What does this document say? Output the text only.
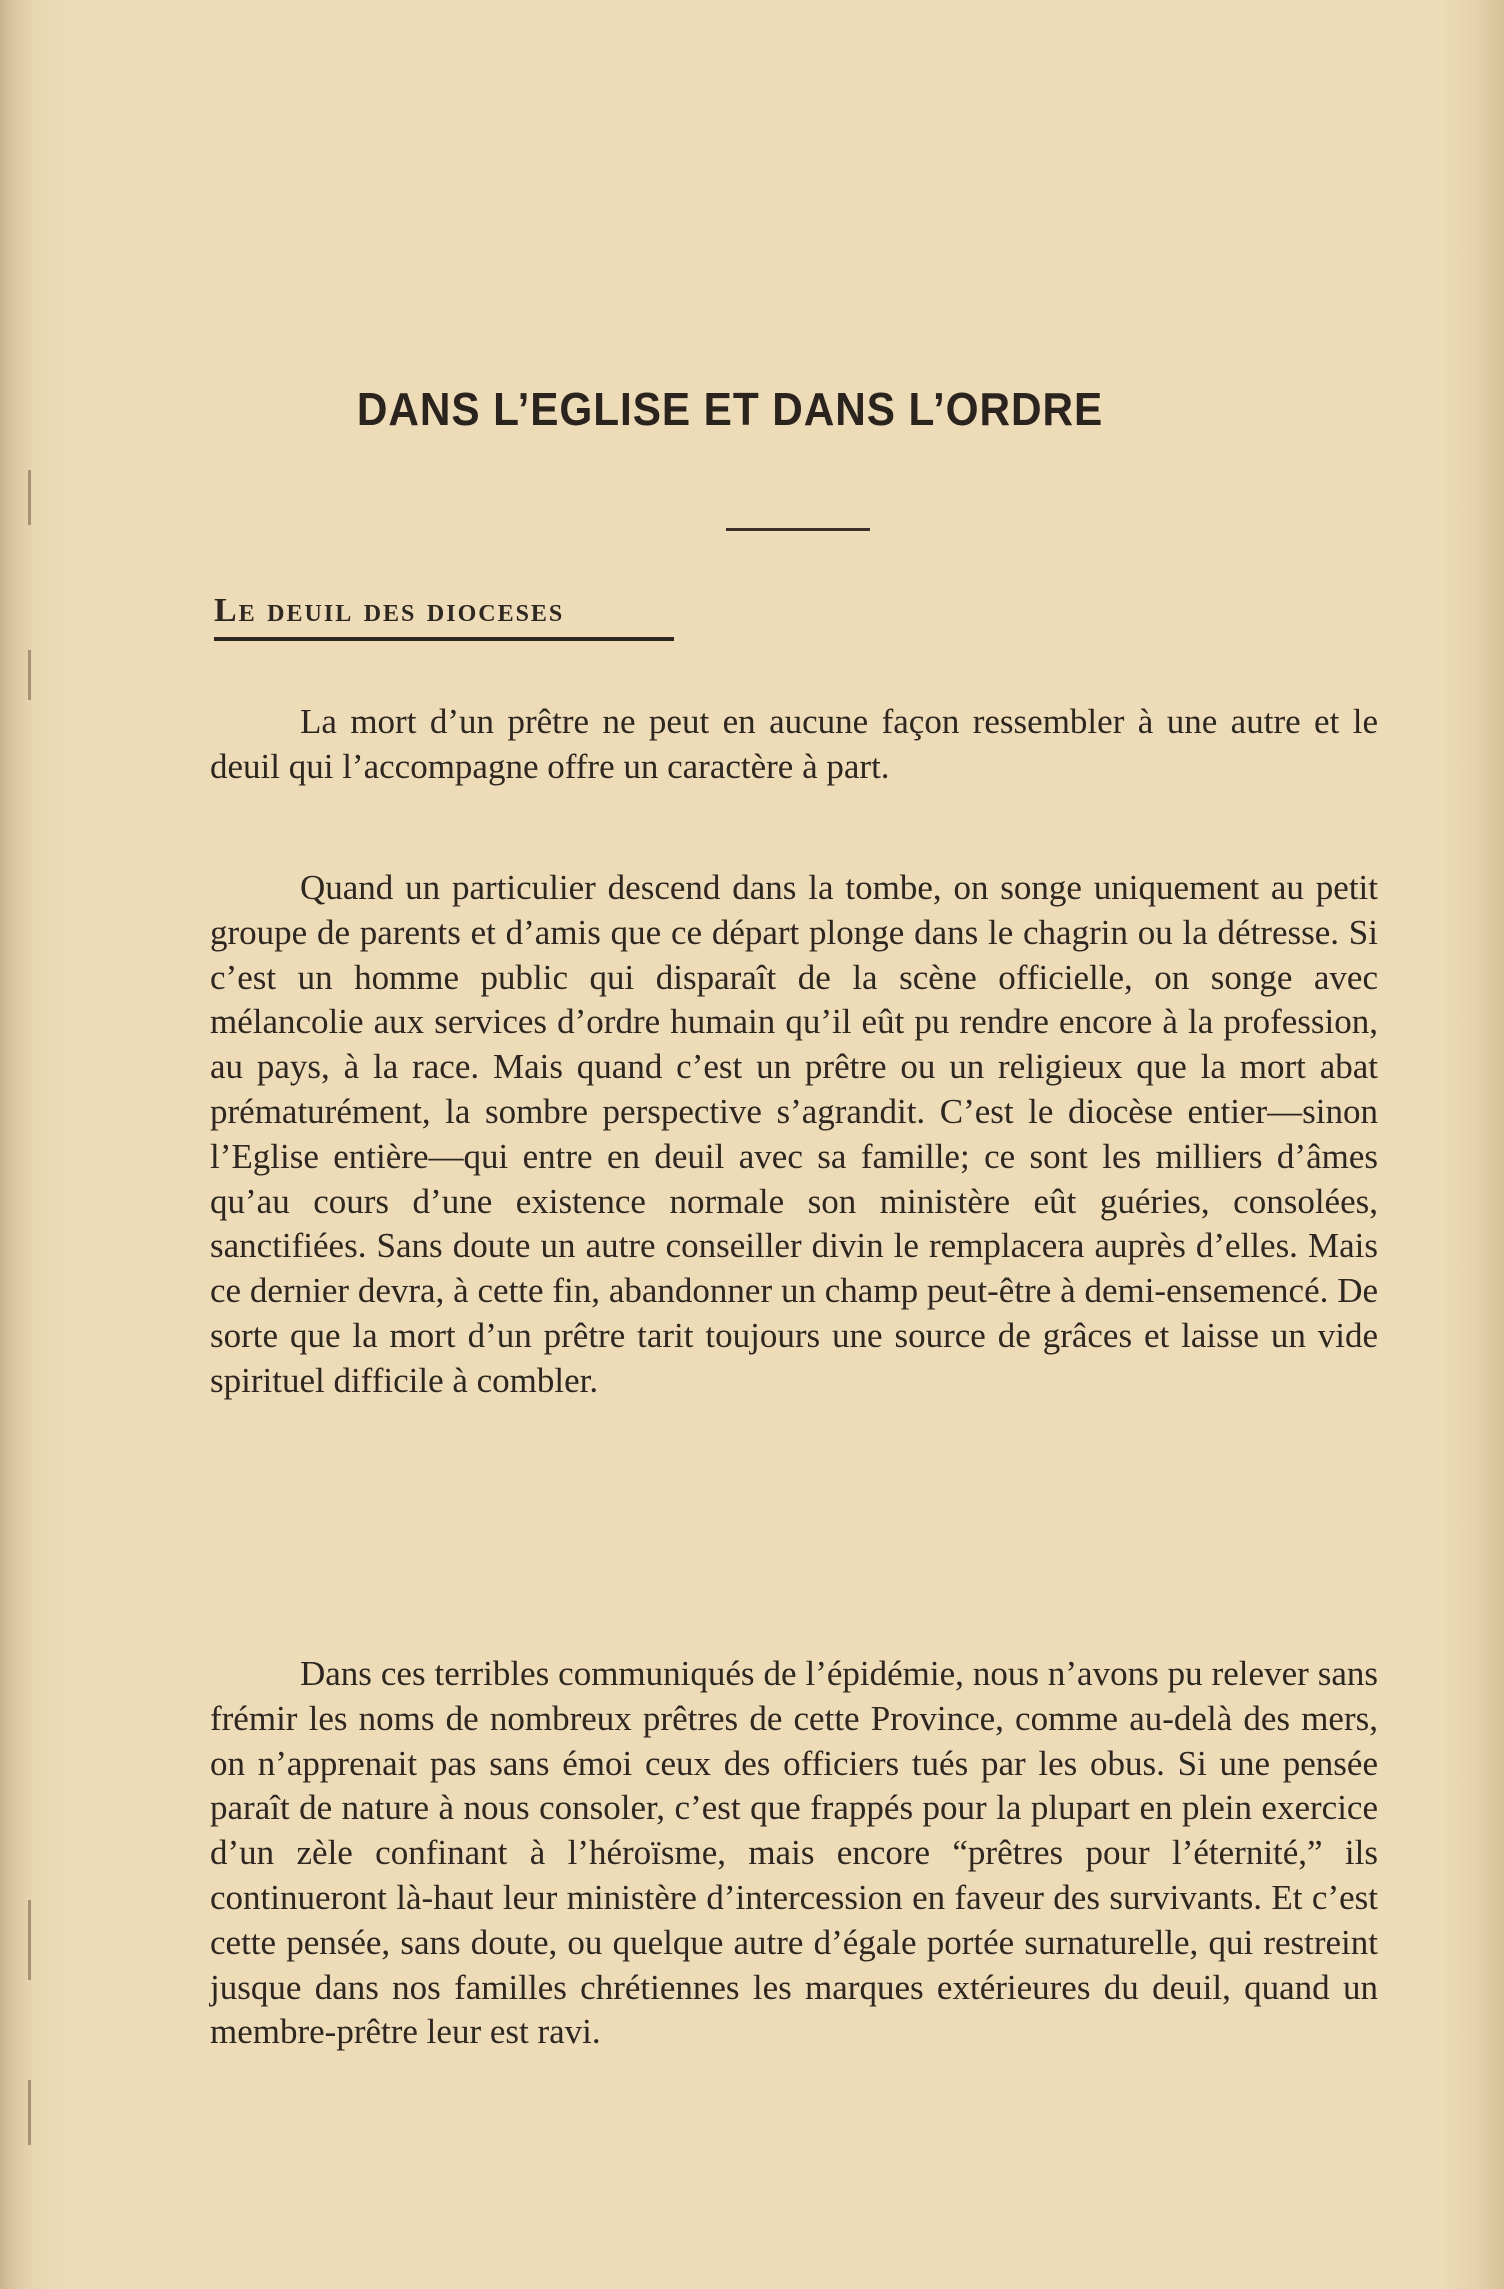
DANS L’EGLISE ET DANS L’ORDRE
Le deuil des dioceses

La mort d’un prêtre ne peut en aucune façon ressembler à une autre et le deuil qui l’accompagne offre un caractère à part.

Quand un particulier descend dans la tombe, on songe uniquement au petit groupe de parents et d’amis que ce départ plonge dans le chagrin ou la détresse. Si c’est un homme public qui disparaît de la scène officielle, on songe avec mélancolie aux services d’ordre humain qu’il eût pu rendre encore à la profession, au pays, à la race. Mais quand c’est un prêtre ou un religieux que la mort abat prématurément, la sombre perspective s’agrandit. C’est le diocèse entier—sinon l’Eglise entière—qui entre en deuil avec sa famille; ce sont les milliers d’âmes qu’au cours d’une existence normale son ministère eût guéries, consolées, sanctifiées. Sans doute un autre conseiller divin le remplacera auprès d’elles. Mais ce dernier devra, à cette fin, abandonner un champ peut-être à demi-ensemencé. De sorte que la mort d’un prêtre tarit toujours une source de grâces et laisse un vide spirituel difficile à combler.

Dans ces terribles communiqués de l’épidémie, nous n’avons pu relever sans frémir les noms de nombreux prêtres de cette Province, comme au-delà des mers, on n’apprenait pas sans émoi ceux des officiers tués par les obus. Si une pensée paraît de nature à nous consoler, c’est que frappés pour la plupart en plein exercice d’un zèle confinant à l’héroïsme, mais encore “prêtres pour l’éternité,” ils continueront là-haut leur ministère d’intercession en faveur des survivants. Et c’est cette pensée, sans doute, ou quelque autre d’égale portée surnaturelle, qui restreint jusque dans nos familles chrétiennes les marques extérieures du deuil, quand un membre-prêtre leur est ravi.
